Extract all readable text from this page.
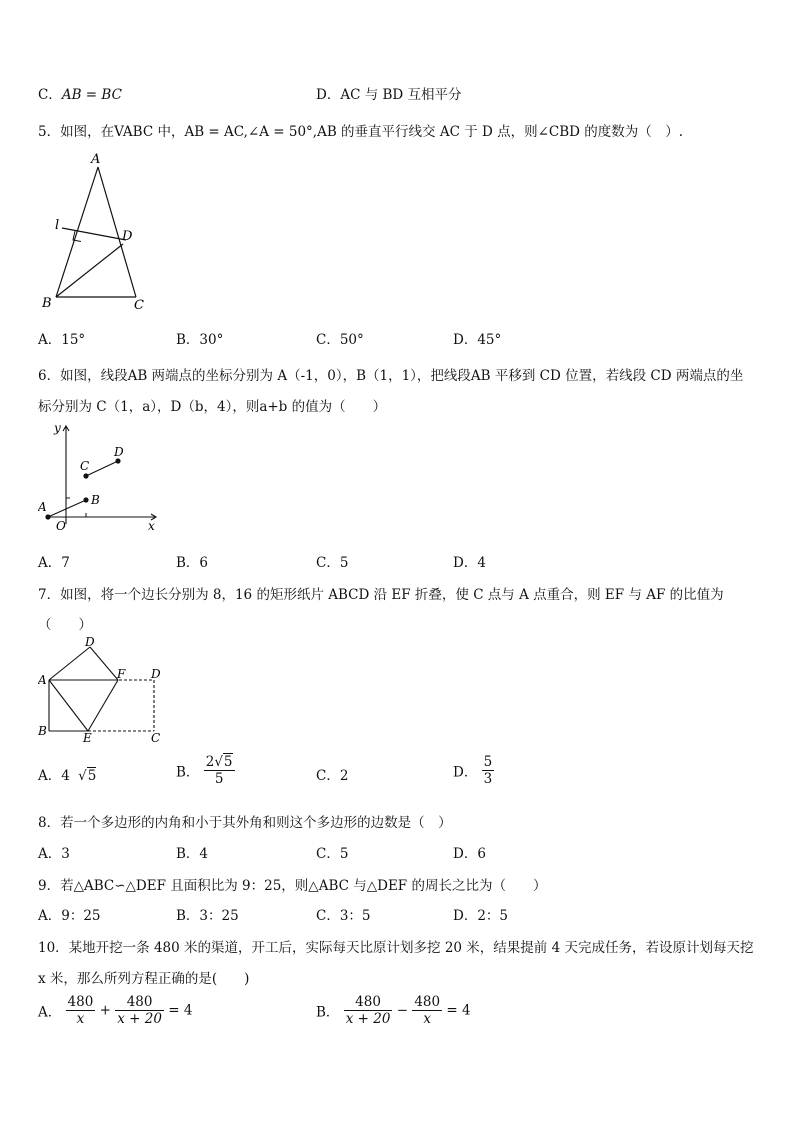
C．AB = BC	D．AC 与 BD 互相平分
5．如图，在VABC 中，AB = AC,∠A = 50°,AB 的垂直平行线交 AC 于 D 点，则∠CBD 的度数为（　）.
A
B	C
D
l
A．15°	B．30°	C．50°	D．45°
6．如图，线段AB 两端点的坐标分别为 A（-1，0），B（1，1），把线段AB 平移到 CD 位置，若线段 CD 两端点的坐
标分别为 C（1，a），D（b，4），则a+b 的值为（　　）
y
x
O
A	B
C
D
A．7	B．6	C．5	D．4
7．如图，将一个边长分别为 8，16 的矩形纸片 ABCD 沿 EF 折叠，使 C 点与 A 点重合，则 EF 与 AF 的比值为
（　　）
A
B	C
D
D
E
F
A．4 √5	B． $\frac{2√5}{5}$	C．2	D． $\frac{5}{3}$
8．若一个多边形的内角和小于其外角和则这个多边形的边数是（　）
A．3	B．4	C．5	D．6
9．若△ABC∽△DEF 且面积比为 9：25，则△ABC 与△DEF 的周长之比为（　　）
A．9：25	B．3：25	C．3：5	D．2：5
10．某地开挖一条 480 米的渠道，开工后，实际每天比原计划多挖 20 米，结果提前 4 天完成任务，若设原计划每天挖
x 米，那么所列方程正确的是(　　)
A． $\frac{480}{x} + \frac{480}{x + 20} = 4$	B． $\frac{480}{x + 20} - \frac{480}{x} = 4$
